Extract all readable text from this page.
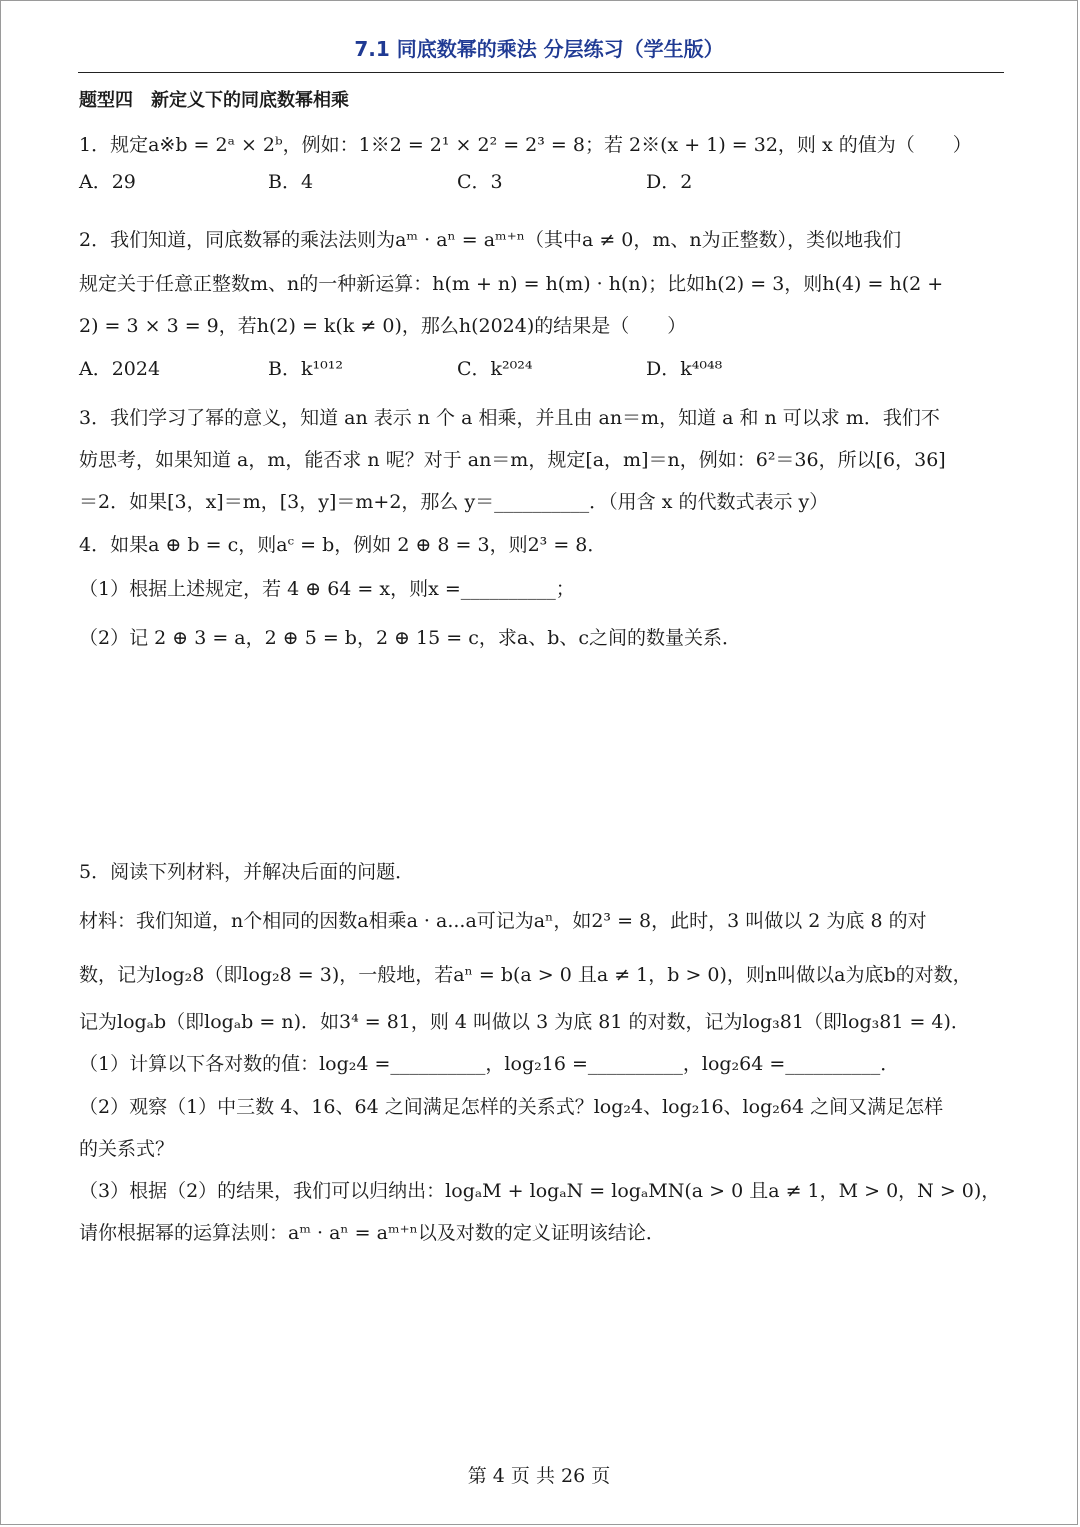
7.1 同底数幂的乘法 分层练习（学生版）
题型四　新定义下的同底数幂相乘

1．规定a※b = 2ᵃ × 2ᵇ，例如：1※2 = 2¹ × 2² = 2³ = 8；若 2※(x + 1) = 32，则 x 的值为（　　）

A．29	B．4	C．3	D．2

2．我们知道，同底数幂的乘法法则为aᵐ · aⁿ = aᵐ⁺ⁿ（其中a ≠ 0，m、n为正整数），类似地我们

规定关于任意正整数m、n的一种新运算：h(m + n) = h(m) · h(n)；比如h(2) = 3，则h(4) = h(2 +

2) = 3 × 3 = 9，若h(2) = k(k ≠ 0)，那么h(2024)的结果是（　　）

A．2024	B．k¹⁰¹²	C．k²⁰²⁴	D．k⁴⁰⁴⁸

3．我们学习了幂的意义，知道 an 表示 n 个 a 相乘，并且由 an＝m，知道 a 和 n 可以求 m．我们不

妨思考，如果知道 a，m，能否求 n 呢？对于 an＝m，规定[a，m]＝n，例如：6²＝36，所以[6，36]

＝2．如果[3，x]＝m，[3，y]＝m+2，那么 y＝__________．（用含 x 的代数式表示 y）

4．如果a ⊕ b = c，则aᶜ = b，例如 2 ⊕ 8 = 3，则2³ = 8．

（1）根据上述规定，若 4 ⊕ 64 = x，则x =__________；

（2）记 2 ⊕ 3 = a，2 ⊕ 5 = b，2 ⊕ 15 = c，求a、b、c之间的数量关系．

5．阅读下列材料，并解决后面的问题．

材料：我们知道，n个相同的因数a相乘a · a...a可记为aⁿ，如2³ = 8，此时，3 叫做以 2 为底 8 的对

数，记为log₂8（即log₂8 = 3)，一般地，若aⁿ = b(a > 0 且a ≠ 1，b > 0)，则n叫做以a为底b的对数，

记为logₐb（即logₐb = n)．如3⁴ = 81，则 4 叫做以 3 为底 81 的对数，记为log₃81（即log₃81 = 4)．

（1）计算以下各对数的值：log₂4 =__________，log₂16 =__________，log₂64 =__________．

（2）观察（1）中三数 4、16、64 之间满足怎样的关系式？log₂4、log₂16、log₂64 之间又满足怎样

的关系式？

（3）根据（2）的结果，我们可以归纳出：logₐM + logₐN = logₐMN(a > 0 且a ≠ 1，M > 0，N > 0)，

请你根据幂的运算法则：aᵐ · aⁿ = aᵐ⁺ⁿ以及对数的定义证明该结论．

第 4 页 共 26 页
